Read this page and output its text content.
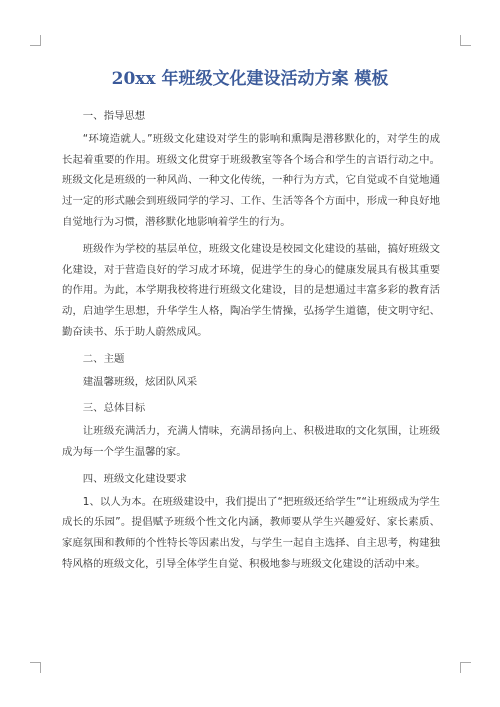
20xx 年班级文化建设活动方案 模板

一、指导思想

“环境造就人。”班级文化建设对学生的影响和熏陶是潜移默化的，对学生的成长起着重要的作用。班级文化贯穿于班级教室等各个场合和学生的言语行动之中。班级文化是班级的一种风尚、一种文化传统，一种行为方式，它自觉或不自觉地通过一定的形式融会到班级同学的学习、工作、生活等各个方面中，形成一种良好地自觉地行为习惯，潜移默化地影响着学生的行为。

班级作为学校的基层单位，班级文化建设是校园文化建设的基础，搞好班级文化建设，对于营造良好的学习成才环境，促进学生的身心的健康发展具有极其重要的作用。为此，本学期我校将进行班级文化建设，目的是想通过丰富多彩的教育活动，启迪学生思想，升华学生人格，陶冶学生情操，弘扬学生道德，使文明守纪、勤奋读书、乐于助人蔚然成风。

二、主题

建温馨班级，炫团队风采

三、总体目标

让班级充满活力，充满人情味，充满昂扬向上、积极进取的文化氛围，让班级成为每一个学生温馨的家。

四、班级文化建设要求

1、以人为本。在班级建设中，我们提出了“把班级还给学生”“让班级成为学生成长的乐园”。提倡赋予班级个性文化内涵，教师要从学生兴趣爱好、家长素质、家庭氛围和教师的个性特长等因素出发，与学生一起自主选择、自主思考，构建独特风格的班级文化，引导全体学生自觉、积极地参与班级文化建设的活动中来。
